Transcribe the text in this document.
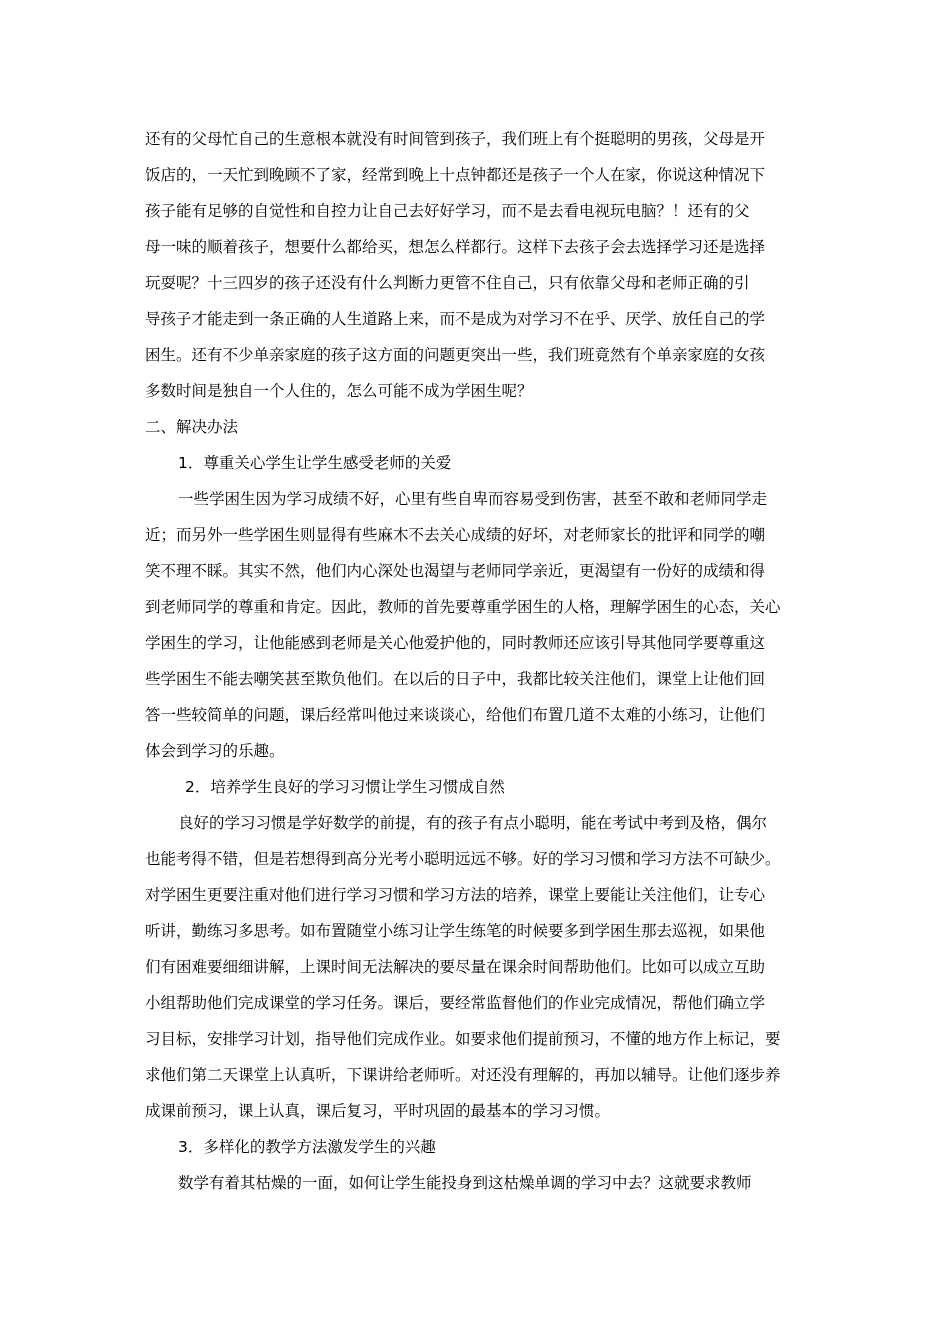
还有的父母忙自己的生意根本就没有时间管到孩子，我们班上有个挺聪明的男孩，父母是开
饭店的，一天忙到晚顾不了家，经常到晚上十点钟都还是孩子一个人在家，你说这种情况下
孩子能有足够的自觉性和自控力让自己去好好学习，而不是去看电视玩电脑？！还有的父
母一味的顺着孩子，想要什么都给买，想怎么样都行。这样下去孩子会去选择学习还是选择
玩耍呢？十三四岁的孩子还没有什么判断力更管不住自己，只有依靠父母和老师正确的引
导孩子才能走到一条正确的人生道路上来，而不是成为对学习不在乎、厌学、放任自己的学
困生。还有不少单亲家庭的孩子这方面的问题更突出一些，我们班竟然有个单亲家庭的女孩
多数时间是独自一个人住的，怎么可能不成为学困生呢？
二、解决办法
1．尊重关心学生让学生感受老师的关爱
一些学困生因为学习成绩不好，心里有些自卑而容易受到伤害，甚至不敢和老师同学走
近；而另外一些学困生则显得有些麻木不去关心成绩的好坏，对老师家长的批评和同学的嘲
笑不理不睬。其实不然，他们内心深处也渴望与老师同学亲近，更渴望有一份好的成绩和得
到老师同学的尊重和肯定。因此，教师的首先要尊重学困生的人格，理解学困生的心态，关心
学困生的学习，让他能感到老师是关心他爱护他的，同时教师还应该引导其他同学要尊重这
些学困生不能去嘲笑甚至欺负他们。在以后的日子中，我都比较关注他们，课堂上让他们回
答一些较简单的问题，课后经常叫他过来谈谈心，给他们布置几道不太难的小练习，让他们
体会到学习的乐趣。
2．培养学生良好的学习习惯让学生习惯成自然
良好的学习习惯是学好数学的前提，有的孩子有点小聪明，能在考试中考到及格，偶尔
也能考得不错，但是若想得到高分光考小聪明远远不够。好的学习习惯和学习方法不可缺少。
对学困生更要注重对他们进行学习习惯和学习方法的培养，课堂上要能让关注他们，让专心
听讲，勤练习多思考。如布置随堂小练习让学生练笔的时候要多到学困生那去巡视，如果他
们有困难要细细讲解，上课时间无法解决的要尽量在课余时间帮助他们。比如可以成立互助
小组帮助他们完成课堂的学习任务。课后，要经常监督他们的作业完成情况，帮他们确立学
习目标，安排学习计划，指导他们完成作业。如要求他们提前预习，不懂的地方作上标记，要
求他们第二天课堂上认真听，下课讲给老师听。对还没有理解的，再加以辅导。让他们逐步养
成课前预习，课上认真，课后复习，平时巩固的最基本的学习习惯。
3．多样化的教学方法激发学生的兴趣
数学有着其枯燥的一面，如何让学生能投身到这枯燥单调的学习中去？这就要求教师
